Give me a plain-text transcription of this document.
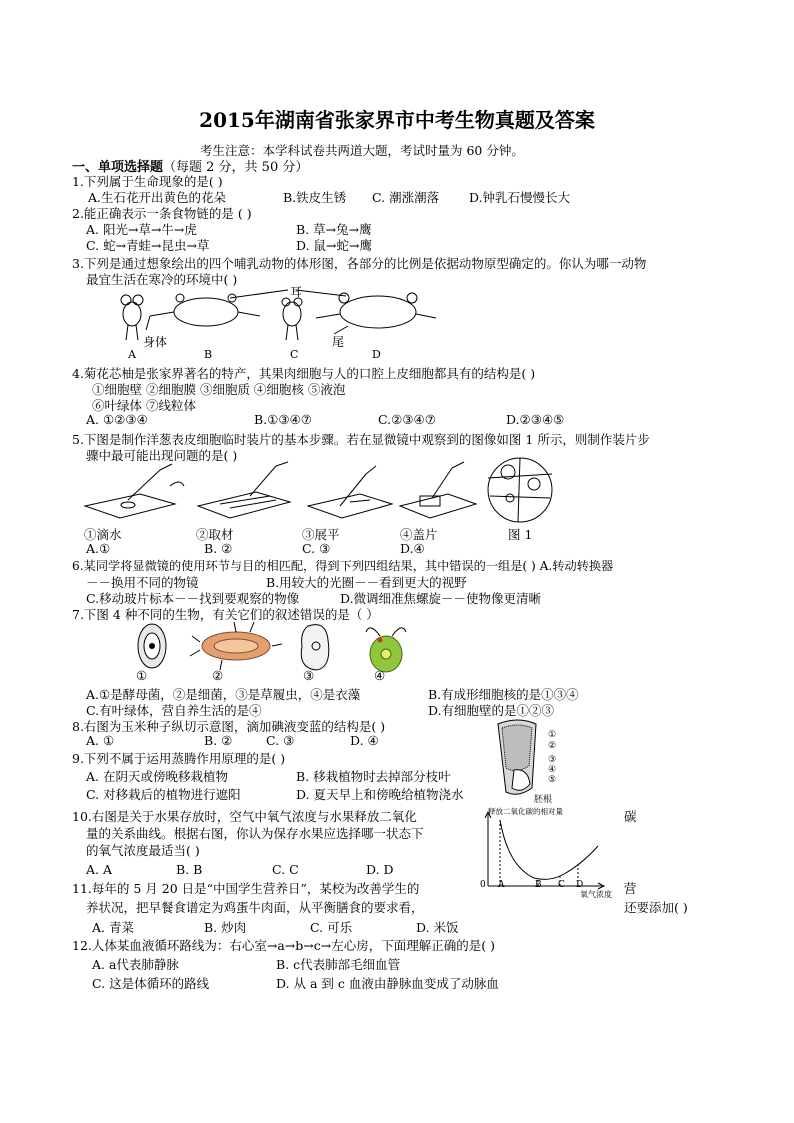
2015年湖南省张家界市中考生物真题及答案
考生注意：本学科试卷共两道大题，考试时量为 60 分钟。
一、单项选择题（每题 2 分，共 50 分）
1.下列属于生命现象的是( )
A.生石花开出黄色的花朵	B.铁皮生锈 C. 潮涨潮落 D.钟乳石慢慢长大
2.能正确表示一条食物链的是 ( )
A. 阳光→草→牛→虎	B. 草→兔→鹰
C. 蛇→青蛙→昆虫→草	D. 鼠→蛇→鹰
3.下列是通过想象绘出的四个哺乳动物的体形图，各部分的比例是依据动物原型确定的。你认为哪一动物
最宜生活在寒冷的环境中( )
耳
身体	尾
A	B	C	D
4.菊花芯柚是张家界著名的特产，其果肉细胞与人的口腔上皮细胞都具有的结构是( )
①细胞壁 ②细胞膜 ③细胞质 ④细胞核 ⑤液泡
⑥叶绿体 ⑦线粒体
A. ①②③④	B.①③④⑦	C.②③④⑦	D.②③④⑤
5.下图是制作洋葱表皮细胞临时装片的基本步骤。若在显微镜中观察到的图像如图 1 所示，则制作装片步
骤中最可能出现问题的是( )
①滴水	②取材	③展平	④盖片	图 1
A.①	B. ②	C. ③	D.④
6.某同学将显微镜的使用环节与目的相匹配，得到下列四组结果，其中错误的一组是( ) A.转动转换器
－－换用不同的物镜	B.用较大的光圈－－看到更大的视野
C.移动玻片标本－－找到要观察的物像	D.微调细准焦螺旋－－使物像更清晰
7.下图 4 种不同的生物，有关它们的叙述错误的是（ ）
①	②	③	④
A.①是酵母菌，②是细菌，③是草履虫，④是衣藻	B.有成形细胞核的是①③④
C.有叶绿体，营自养生活的是④	D.有细胞壁的是①②③
8.右图为玉米种子纵切示意图，滴加碘液变蓝的结构是( )
A. ①	B. ②	C. ③	D. ④	①
②
③
④
⑤
胚根
9.下列不属于运用蒸腾作用原理的是( )
A. 在阴天或傍晚移栽植物	B. 移栽植物时去掉部分枝叶
C. 对移栽后的植物进行遮阳	D. 夏天早上和傍晚给植物浇水
10.右图是关于水果存放时，空气中氧气浓度与水果释放二氧化	碳
量的关系曲线。根据右图，你认为保存水果应选择哪一状态下
的氧气浓度最适当( )
A. A	B. B	C. C	D. D
释放二氧化碳的相对量
0 A	B C D
氧气浓度
11.每年的 5 月 20 日是“中国学生营养日”，某校为改善学生的	营
养状况，把早餐食谱定为鸡蛋牛肉面，从平衡膳食的要求看，	还要添加( )
A. 青菜	B. 炒肉	C. 可乐	D. 米饭
12.人体某血液循环路线为：右心室→a→b→c→左心房，下面理解正确的是( )
A. a代表肺静脉	B. c代表肺部毛细血管
C. 这是体循环的路线	D. 从 a 到 c 血液由静脉血变成了动脉血
